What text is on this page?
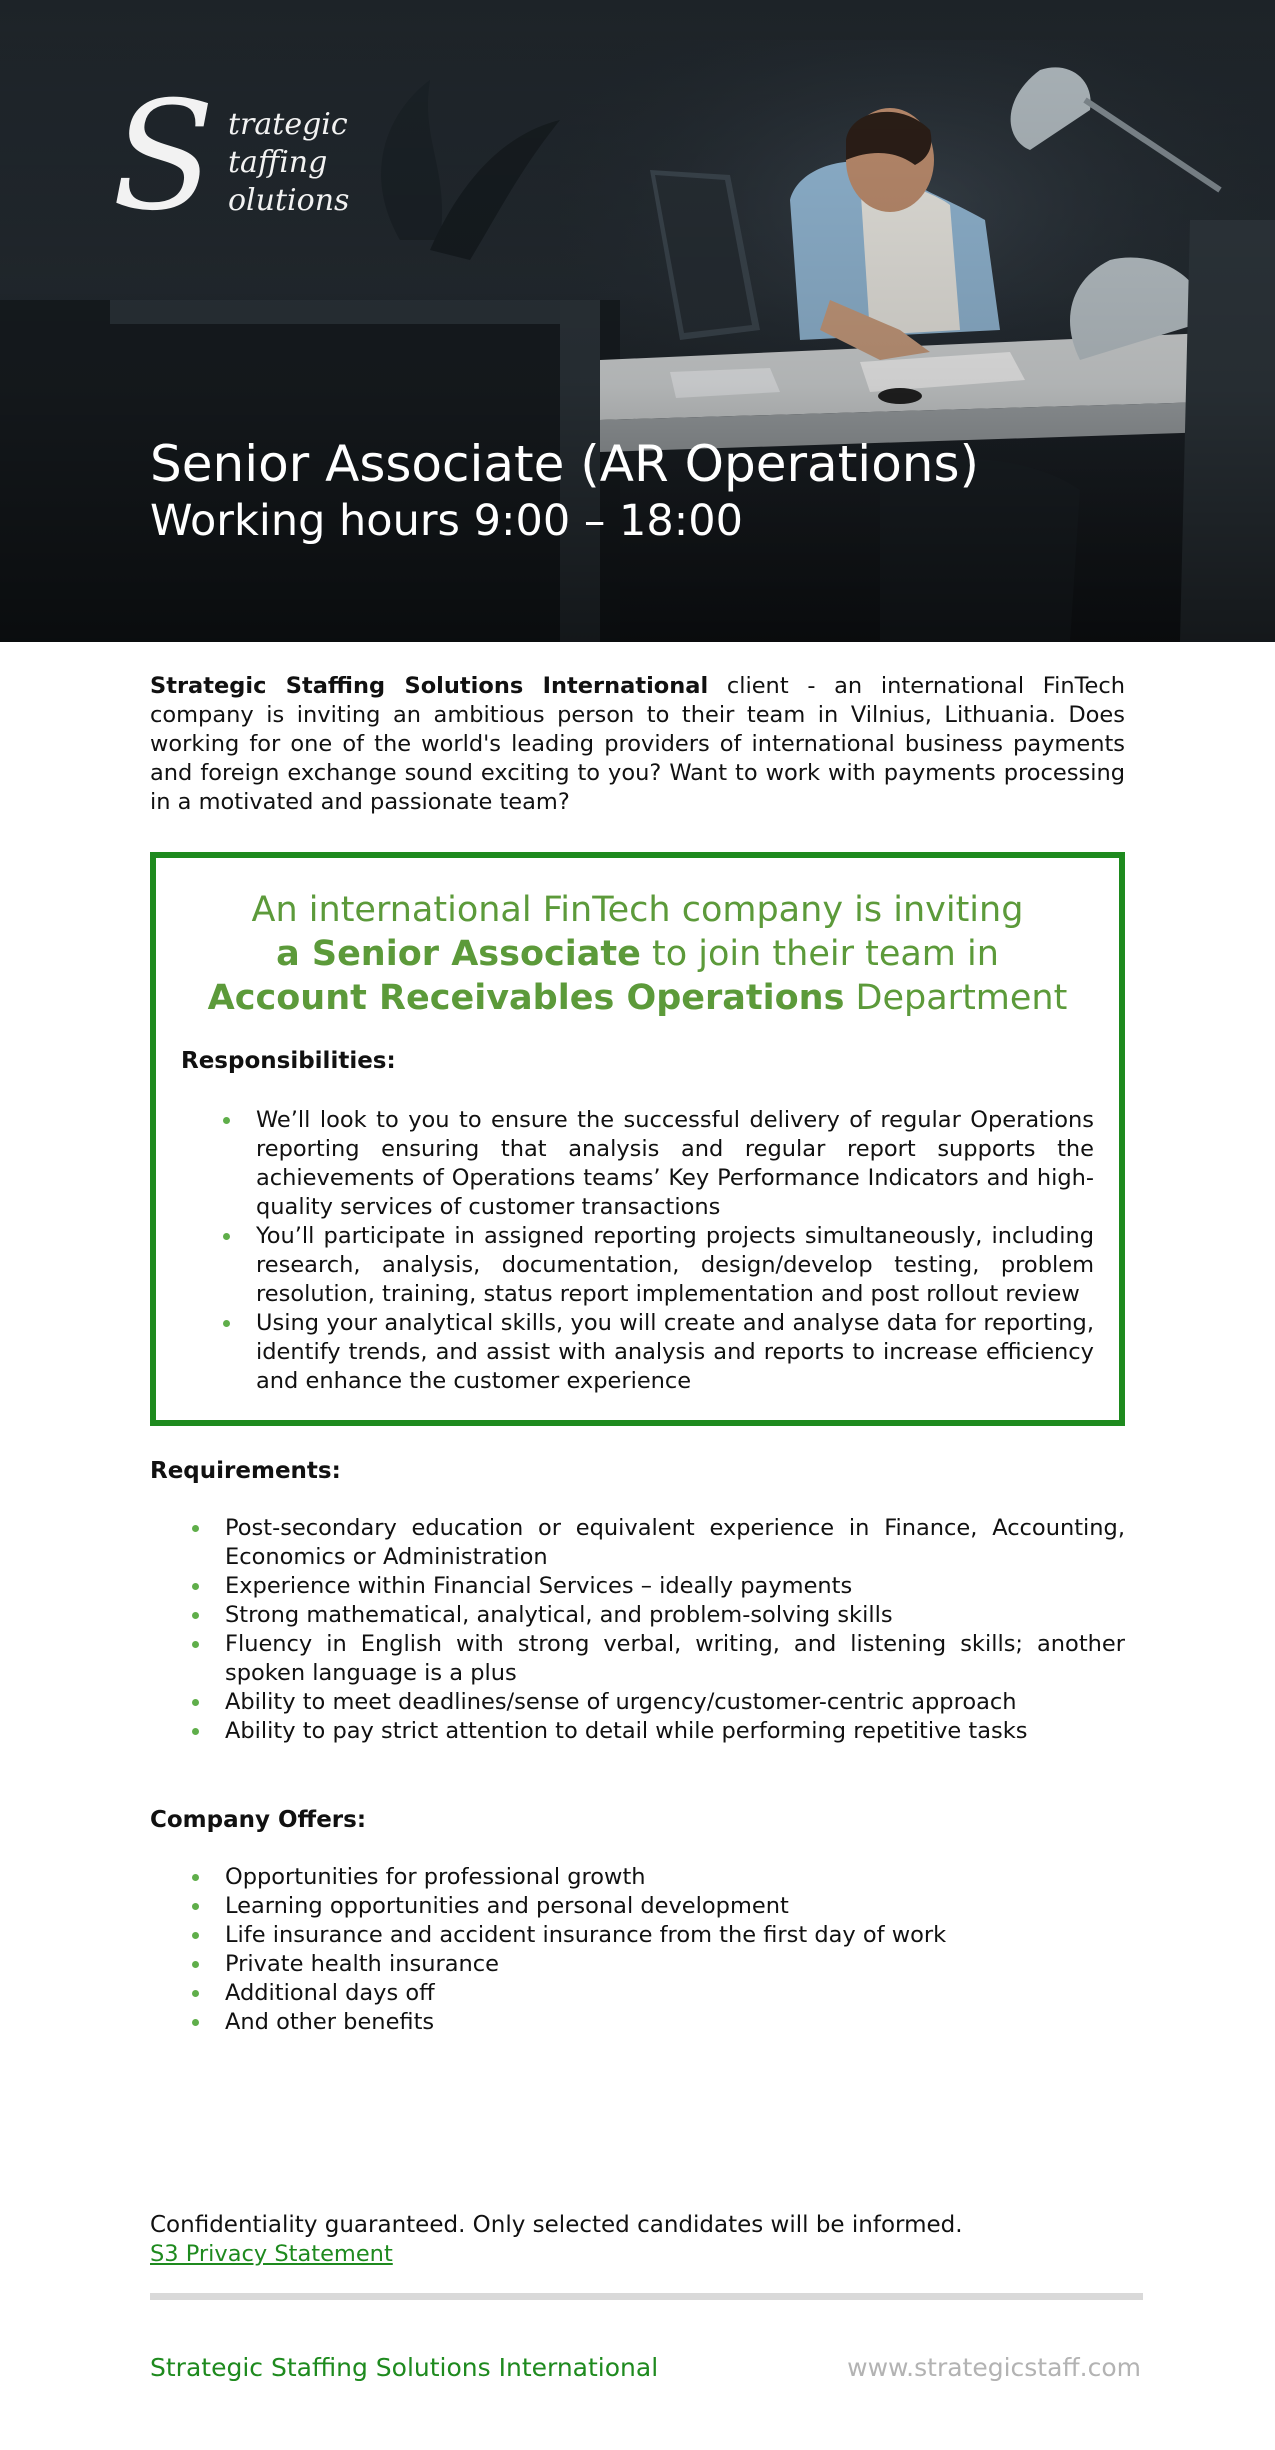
S trategic
taffing
olutions
Senior Associate (AR Operations)
Working hours 9:00 – 18:00

Strategic Staffing Solutions International client - an international FinTech company is inviting an ambitious person to their team in Vilnius, Lithuania. Does working for one of the world's leading providers of international business payments and foreign exchange sound exciting to you? Want to work with payments processing in a motivated and passionate team?

An international FinTech company is inviting
a Senior Associate to join their team in
Account Receivables Operations Department
Responsibilities:
We’ll look to you to ensure the successful delivery of regular Operations reporting ensuring that analysis and regular report supports the achievements of Operations teams’ Key Performance Indicators and high-quality services of customer transactions
You’ll participate in assigned reporting projects simultaneously, including research, analysis, documentation, design/develop testing, problem resolution, training, status report implementation and post rollout review
Using your analytical skills, you will create and analyse data for reporting, identify trends, and assist with analysis and reports to increase efficiency and enhance the customer experience
Requirements:
Post-secondary education or equivalent experience in Finance, Accounting, Economics or Administration
Experience within Financial Services – ideally payments
Strong mathematical, analytical, and problem-solving skills
Fluency in English with strong verbal, writing, and listening skills; another spoken language is a plus
Ability to meet deadlines/sense of urgency/customer-centric approach
Ability to pay strict attention to detail while performing repetitive tasks
Company Offers:
Opportunities for professional growth
Learning opportunities and personal development
Life insurance and accident insurance from the first day of work
Private health insurance
Additional days off
And other benefits
Confidentiality guaranteed. Only selected candidates will be informed.
S3 Privacy Statement
Strategic Staffing Solutions International	www.strategicstaff.com
